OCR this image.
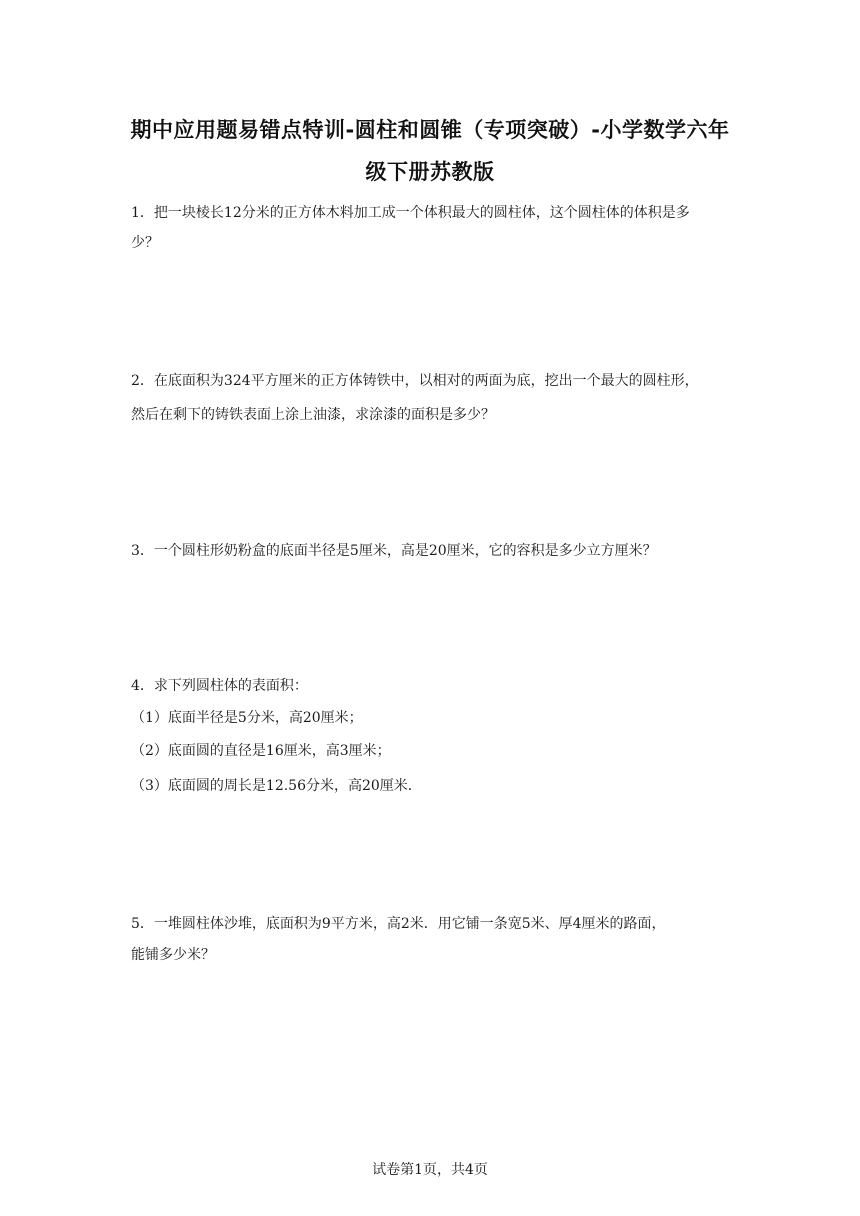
期中应用题易错点特训-圆柱和圆锥（专项突破）-小学数学六年
级下册苏教版
1．把一块棱长12分米的正方体木料加工成一个体积最大的圆柱体，这个圆柱体的体积是多
少？
2．在底面积为324平方厘米的正方体铸铁中，以相对的两面为底，挖出一个最大的圆柱形，
然后在剩下的铸铁表面上涂上油漆，求涂漆的面积是多少？
3．一个圆柱形奶粉盒的底面半径是5厘米，高是20厘米，它的容积是多少立方厘米？
4．求下列圆柱体的表面积：
（1）底面半径是5分米，高20厘米；
（2）底面圆的直径是16厘米，高3厘米；
（3）底面圆的周长是12.56分米，高20厘米．
5．一堆圆柱体沙堆，底面积为9平方米，高2米．用它铺一条宽5米、厚4厘米的路面，
能铺多少米？
试卷第1页，共4页
